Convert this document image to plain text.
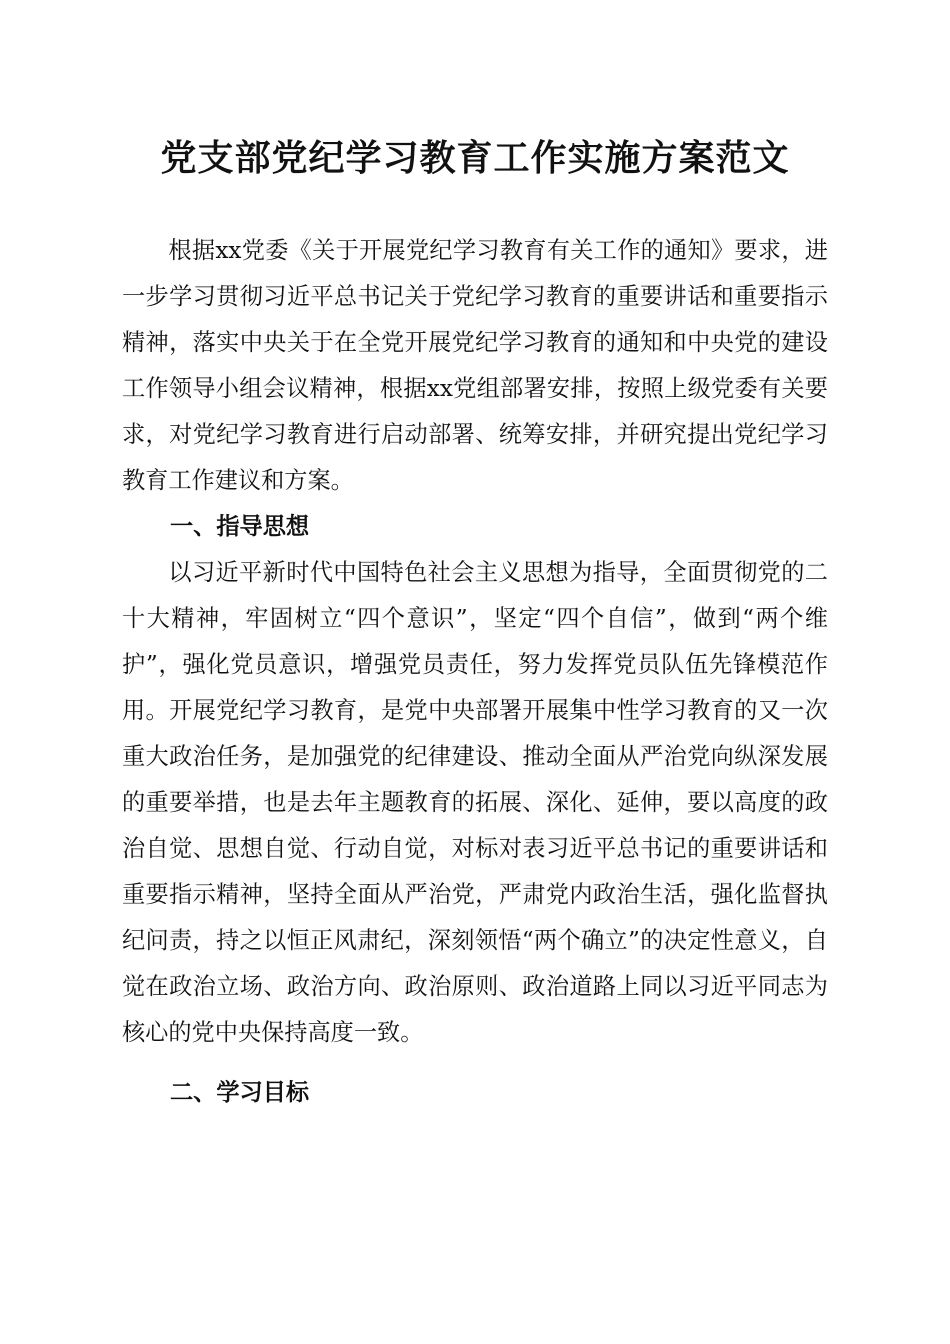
党支部党纪学习教育工作实施方案范文

根据xx党委《关于开展党纪学习教育有关工作的通知》要求，进一步学习贯彻习近平总书记关于党纪学习教育的重要讲话和重要指示精神，落实中央关于在全党开展党纪学习教育的通知和中央党的建设工作领导小组会议精神，根据xx党组部署安排，按照上级党委有关要求，对党纪学习教育进行启动部署、统筹安排，并研究提出党纪学习教育工作建议和方案。

一、指导思想

以习近平新时代中国特色社会主义思想为指导，全面贯彻党的二十大精神，牢固树立“四个意识”，坚定“四个自信”，做到“两个维护”，强化党员意识，增强党员责任，努力发挥党员队伍先锋模范作用。开展党纪学习教育，是党中央部署开展集中性学习教育的又一次重大政治任务，是加强党的纪律建设、推动全面从严治党向纵深发展的重要举措，也是去年主题教育的拓展、深化、延伸，要以高度的政治自觉、思想自觉、行动自觉，对标对表习近平总书记的重要讲话和重要指示精神，坚持全面从严治党，严肃党内政治生活，强化监督执纪问责，持之以恒正风肃纪，深刻领悟“两个确立”的决定性意义，自觉在政治立场、政治方向、政治原则、政治道路上同以习近平同志为核心的党中央保持高度一致。

二、学习目标
